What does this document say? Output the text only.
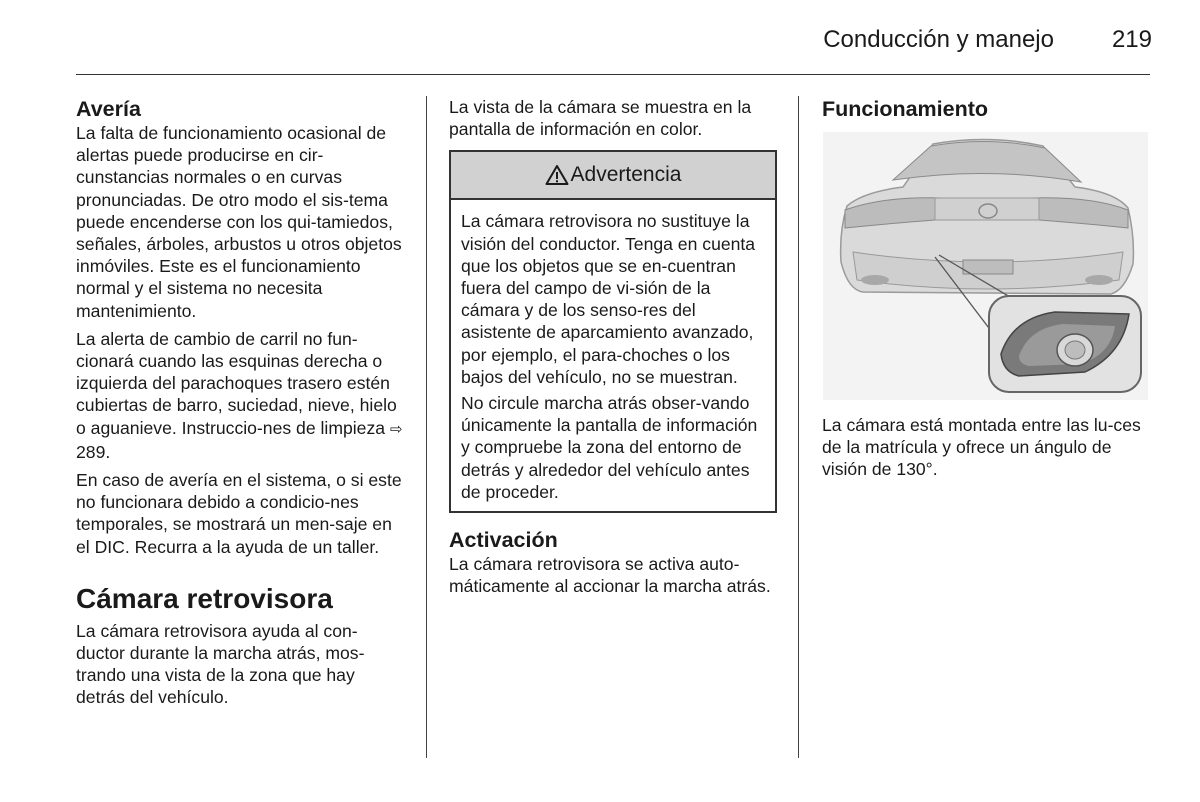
Conducción y manejo 219
Avería

La falta de funcionamiento ocasional de alertas puede producirse en cir-cunstancias normales o en curvas pronunciadas. De otro modo el sis-tema puede encenderse con los qui-tamiedos, señales, árboles, arbustos u otros objetos inmóviles. Este es el funcionamiento normal y el sistema no necesita mantenimiento.

La alerta de cambio de carril no fun-cionará cuando las esquinas derecha o izquierda del parachoques trasero estén cubiertas de barro, suciedad, nieve, hielo o aguanieve. Instruccio-nes de limpieza ⇨ 289.

En caso de avería en el sistema, o si este no funcionara debido a condicio-nes temporales, se mostrará un men-saje en el DIC. Recurra a la ayuda de un taller.

Cámara retrovisora

La cámara retrovisora ayuda al con-ductor durante la marcha atrás, mos-trando una vista de la zona que hay detrás del vehículo.

La vista de la cámara se muestra en la pantalla de información en color.

Advertencia

La cámara retrovisora no sustituye la visión del conductor. Tenga en cuenta que los objetos que se en-cuentran fuera del campo de vi-sión de la cámara y de los senso-res del asistente de aparcamiento avanzado, por ejemplo, el para-choches o los bajos del vehículo, no se muestran.

No circule marcha atrás obser-vando únicamente la pantalla de información y compruebe la zona del entorno de detrás y alrededor del vehículo antes de proceder.

Activación

La cámara retrovisora se activa auto-máticamente al accionar la marcha atrás.

Funcionamiento

La cámara está montada entre las lu-ces de la matrícula y ofrece un ángulo de visión de 130°.
